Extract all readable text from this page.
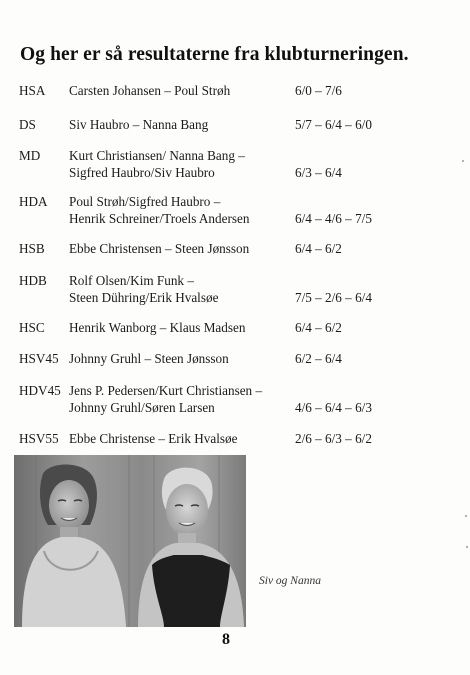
Og her er så resultaterne fra klubturneringen.
HSA Carsten Johansen – Poul Strøh	6/0 – 7/6
DS	Siv Haubro – Nanna Bang	5/7 – 6/4 – 6/0
MD Kurt Christiansen/ Nanna Bang –
Sigfred Haubro/Siv Haubro	6/3 – 6/4
HDA Poul Strøh/Sigfred Haubro –
Henrik Schreiner/Troels Andersen	6/4 – 4/6 – 7/5
HSB Ebbe Christensen – Steen Jønsson	6/4 – 6/2
HDB Rolf Olsen/Kim Funk –
Steen Dühring/Erik Hvalsøe	7/5 – 2/6 – 6/4
HSC Henrik Wanborg – Klaus Madsen	6/4 – 6/2
HSV45 Johnny Gruhl – Steen Jønsson	6/2 – 6/4
HDV45 Jens P. Pedersen/Kurt Christiansen –
Johnny Gruhl/Søren Larsen	4/6 – 6/4 – 6/3
HSV55 Ebbe Christense – Erik Hvalsøe	2/6 – 6/3 – 6/2
Siv og Nanna
8
